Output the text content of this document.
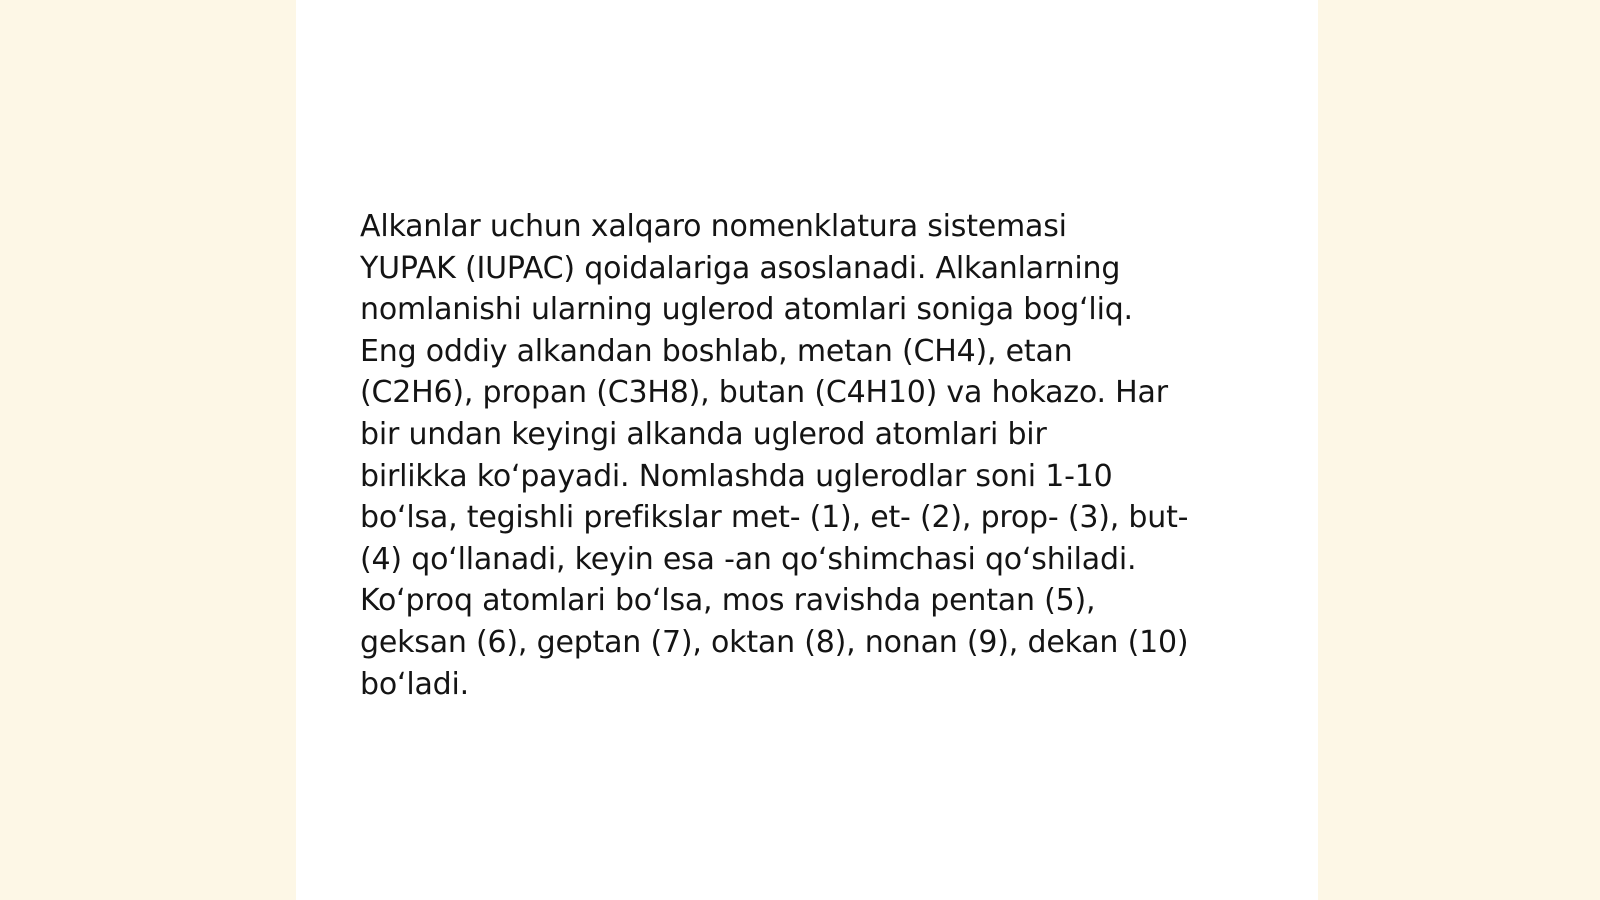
Alkanlar uchun xalqaro nomenklatura sistemasi
YUPAK (IUPAC) qoidalariga asoslanadi. Alkanlarning
nomlanishi ularning uglerod atomlari soniga bogʻliq.
Eng oddiy alkandan boshlab, metan (CH4), etan
(C2H6), propan (C3H8), butan (C4H10) va hokazo. Har
bir undan keyingi alkanda uglerod atomlari bir
birlikka koʻpayadi. Nomlashda uglerodlar soni 1-10
boʻlsa, tegishli prefikslar met- (1), et- (2), prop- (3), but-
(4) qoʻllanadi, keyin esa -an qoʻshimchasi qoʻshiladi.
Koʻproq atomlari boʻlsa, mos ravishda pentan (5),
geksan (6), geptan (7), oktan (8), nonan (9), dekan (10)
boʻladi.
